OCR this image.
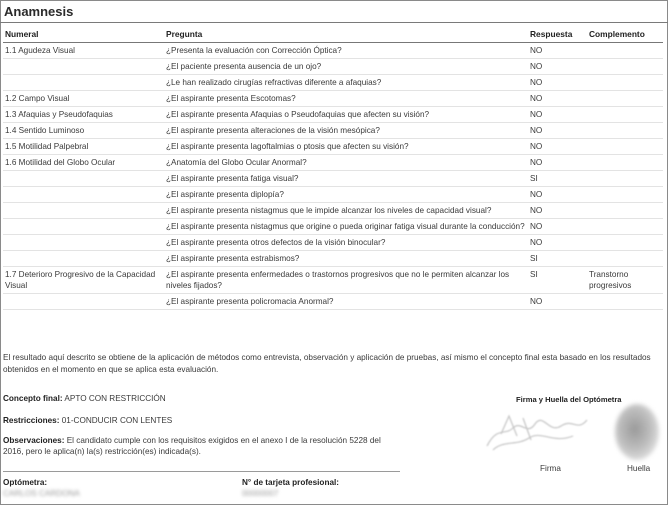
Anamnesis
Numeral	Pregunta	Respuesta	Complemento
1.1 Agudeza Visual	¿Presenta la evaluación con Corrección Óptica?	NO	
	¿El paciente presenta ausencia de un ojo?	NO	
	¿Le han realizado cirugías refractivas diferente a afaquias?	NO	
1.2 Campo Visual	¿El aspirante presenta Escotomas?	NO	
1.3 Afaquias y Pseudofaquias	¿El aspirante presenta Afaquias o Pseudofaquias que afecten su visión?	NO	
1.4 Sentido Luminoso	¿El aspirante presenta alteraciones de la visión mesópica?	NO	
1.5 Motilidad Palpebral	¿El aspirante presenta lagoftalmias o ptosis que afecten su visión?	NO	
1.6 Motilidad del Globo Ocular	¿Anatomía del Globo Ocular Anormal?	NO	
	¿El aspirante presenta fatiga visual?	SI	
	¿El aspirante presenta diplopía?	NO	
	¿El aspirante presenta nistagmus que le impide alcanzar los niveles de capacidad visual?	NO	
	¿El aspirante presenta nistagmus que origine o pueda originar fatiga visual durante la conducción?	NO	
	¿El aspirante presenta otros defectos de la visión binocular?	NO	
	¿El aspirante presenta estrabismos?	SI	
1.7 Deterioro Progresivo de la Capacidad Visual	¿El aspirante presenta enfermedades o trastornos progresivos que no le permiten alcanzar los niveles fijados?	SI	Transtorno progresivos
	¿El aspirante presenta policromacia Anormal?	NO	
El resultado aquí descrito se obtiene de la aplicación de métodos como entrevista, observación y aplicación de pruebas, así mismo el concepto final esta basado en los resultados obtenidos en el momento en que se aplica esta evaluación.
Concepto final: APTO CON RESTRICCIÓN
Restricciones: 01-CONDUCIR CON LENTES
Observaciones: El candidato cumple con los requisitos exigidos en el anexo I de la resolución 5228 del 2016, pero le aplica(n) la(s) restricción(es) indicada(s).
Firma y Huella del Optómetra
Firma	Huella
Optómetra:
CARLOS CARDONA
N° de tarjeta profesional:
00000007
